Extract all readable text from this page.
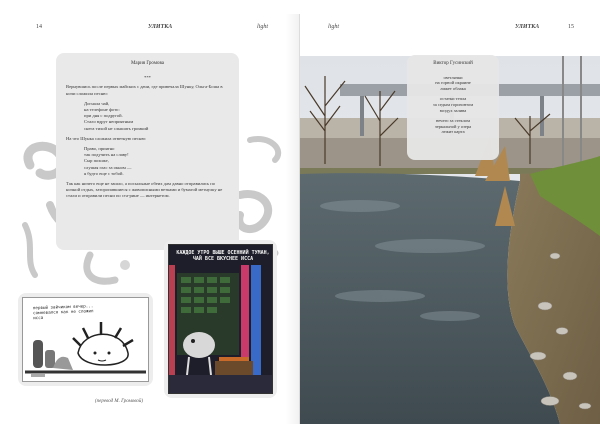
14	УЛИТКА	light	light	УЛИТКА	15
Мария Громова
***

Вернувшись после первых майских с дачи, где привечала Шунку, Ольга-Боша в ночи сложила песню:

Догнала чай,
на телефоне фото:
при дня с подругой.
Стало вдруг неприятным
снега тихой не слышать громкий

На что Шунка сложила ответную песню:

Право, приятно
так подучить на славу!
Сыр похоже,
слушая глас за окном —
я будто еще с тобой.

Так как ничего еще не зашло, а посыльные обеих дам давно отправились по ночной отдых, заторопившиеся с живописными ветками и бумагой метнулку не стали и отправили песни по ста-рине — интернетом.

первый зайчиком вечер... сомневался как не сложил исса
КАЖДОЕ УТРО ВЫШЕ ОСЕННИЙ ТУМАН, ЧАЙ ВСЕ ВКУСНЕЕ ИССА
(перевод М. Громовой)
Виктор Гусинский
светлячки
на горной окраине
лижет облака
остатки тепла
за седым горизонтом
воздух залива
нечего за стеклом
зеркальной у озера
лежит карта
